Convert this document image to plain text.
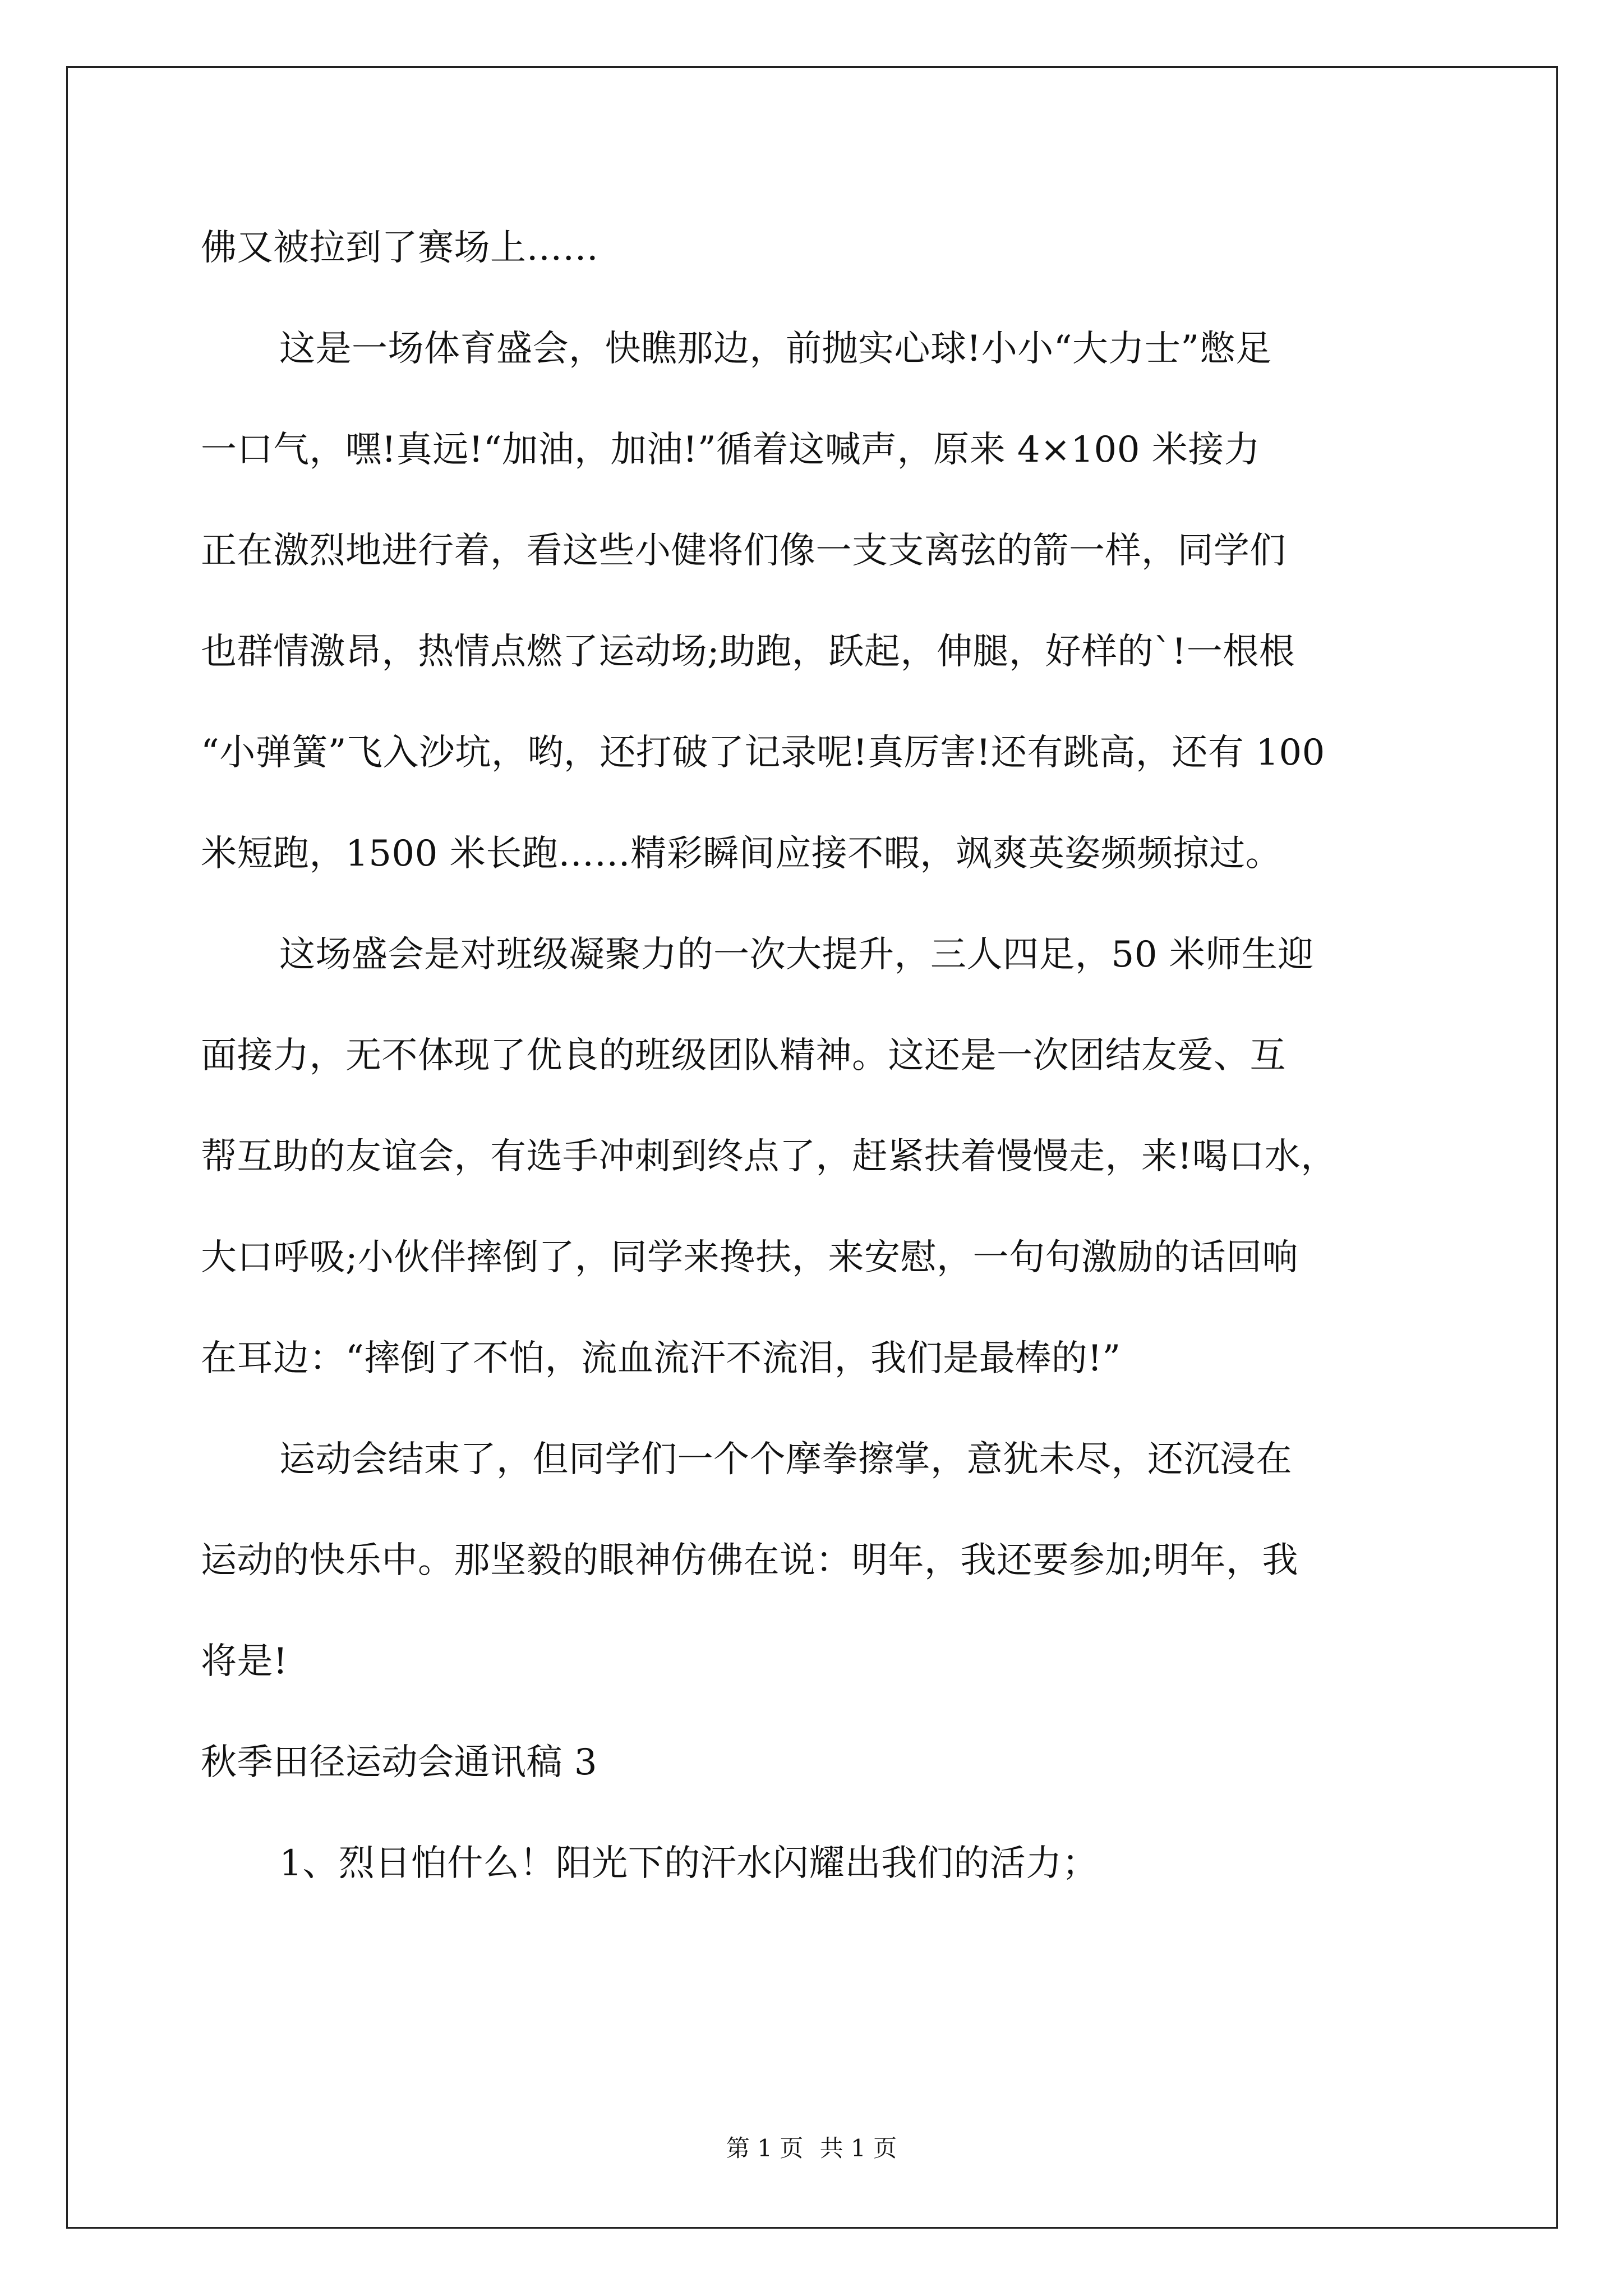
佛又被拉到了赛场上……
这是一场体育盛会，快瞧那边，前抛实心球!小小“大力士”憋足
一口气，嘿!真远!“加油，加油!”循着这喊声，原来 4×100 米接力
正在激烈地进行着，看这些小健将们像一支支离弦的箭一样，同学们
也群情激昂，热情点燃了运动场;助跑，跃起，伸腿，好样的`!一根根
“小弹簧”飞入沙坑，哟，还打破了记录呢!真厉害!还有跳高，还有 100
米短跑，1500 米长跑……精彩瞬间应接不暇，飒爽英姿频频掠过。
这场盛会是对班级凝聚力的一次大提升，三人四足，50 米师生迎
面接力，无不体现了优良的班级团队精神。这还是一次团结友爱、互
帮互助的友谊会，有选手冲刺到终点了，赶紧扶着慢慢走，来!喝口水，
大口呼吸;小伙伴摔倒了，同学来搀扶，来安慰，一句句激励的话回响
在耳边：“摔倒了不怕，流血流汗不流泪，我们是最棒的!”
运动会结束了，但同学们一个个摩拳擦掌，意犹未尽，还沉浸在
运动的快乐中。那坚毅的眼神仿佛在说：明年，我还要参加;明年，我
将是!
秋季田径运动会通讯稿 3
1、烈日怕什么！阳光下的汗水闪耀出我们的活力；
第 1 页 共 1 页
